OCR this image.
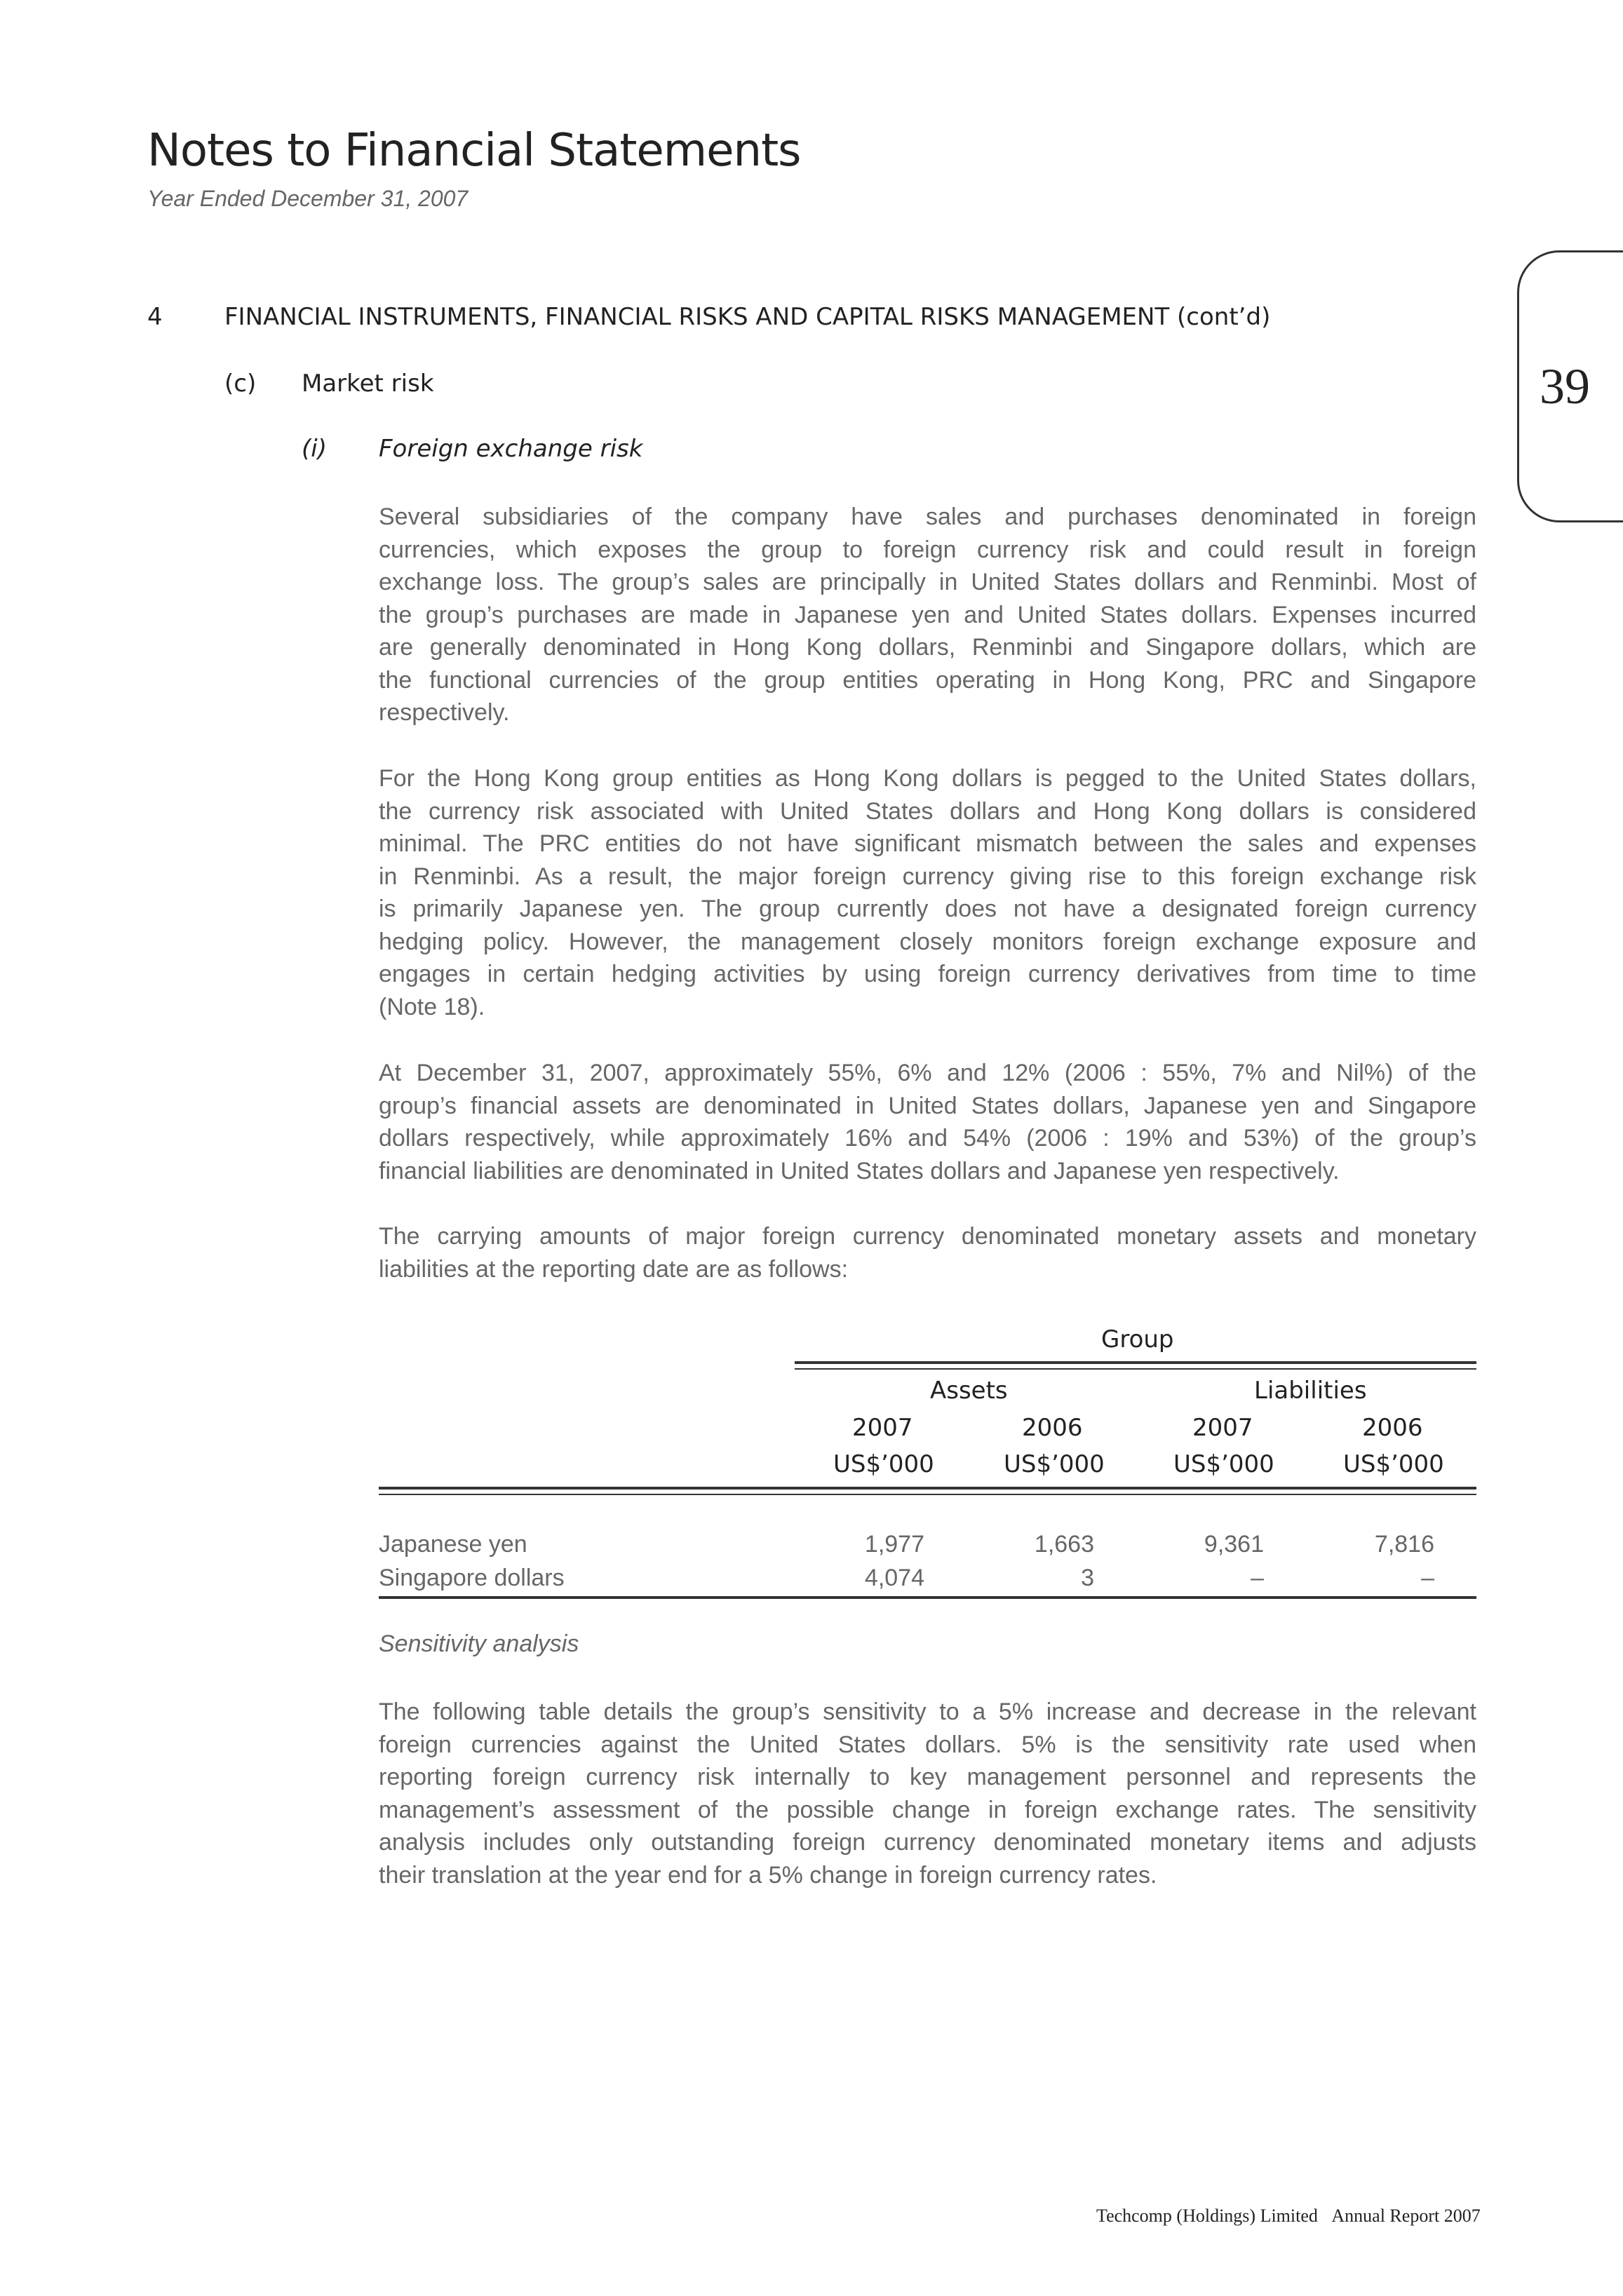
Notes to Financial Statements
Year Ended December 31, 2007
39
4	FINANCIAL INSTRUMENTS, FINANCIAL RISKS AND CAPITAL RISKS MANAGEMENT (cont’d)
(c) Market risk
(i) Foreign exchange risk
Several subsidiaries of the company have sales and purchases denominated in foreign
currencies, which exposes the group to foreign currency risk and could result in foreign
exchange loss. The group’s sales are principally in United States dollars and Renminbi. Most of
the group’s purchases are made in Japanese yen and United States dollars. Expenses incurred
are generally denominated in Hong Kong dollars, Renminbi and Singapore dollars, which are
the functional currencies of the group entities operating in Hong Kong, PRC and Singapore
respectively.
For the Hong Kong group entities as Hong Kong dollars is pegged to the United States dollars,
the currency risk associated with United States dollars and Hong Kong dollars is considered
minimal. The PRC entities do not have significant mismatch between the sales and expenses
in Renminbi. As a result, the major foreign currency giving rise to this foreign exchange risk
is primarily Japanese yen. The group currently does not have a designated foreign currency
hedging policy. However, the management closely monitors foreign exchange exposure and
engages in certain hedging activities by using foreign currency derivatives from time to time
(Note 18).
At December 31, 2007, approximately 55%, 6% and 12% (2006 : 55%, 7% and Nil%) of the
group’s financial assets are denominated in United States dollars, Japanese yen and Singapore
dollars respectively, while approximately 16% and 54% (2006 : 19% and 53%) of the group’s
financial liabilities are denominated in United States dollars and Japanese yen respectively.
The carrying amounts of major foreign currency denominated monetary assets and monetary
liabilities at the reporting date are as follows:
Group
Assets	Liabilities
2007	2006	2007	2006
US$’000	US$’000	US$’000	US$’000
Japanese yen	1,977	1,663	9,361	7,816
Singapore dollars	4,074	3	–	–
Sensitivity analysis
The following table details the group’s sensitivity to a 5% increase and decrease in the relevant
foreign currencies against the United States dollars. 5% is the sensitivity rate used when
reporting foreign currency risk internally to key management personnel and represents the
management’s assessment of the possible change in foreign exchange rates. The sensitivity
analysis includes only outstanding foreign currency denominated monetary items and adjusts
their translation at the year end for a 5% change in foreign currency rates.
Techcomp (Holdings) Limited Annual Report 2007
